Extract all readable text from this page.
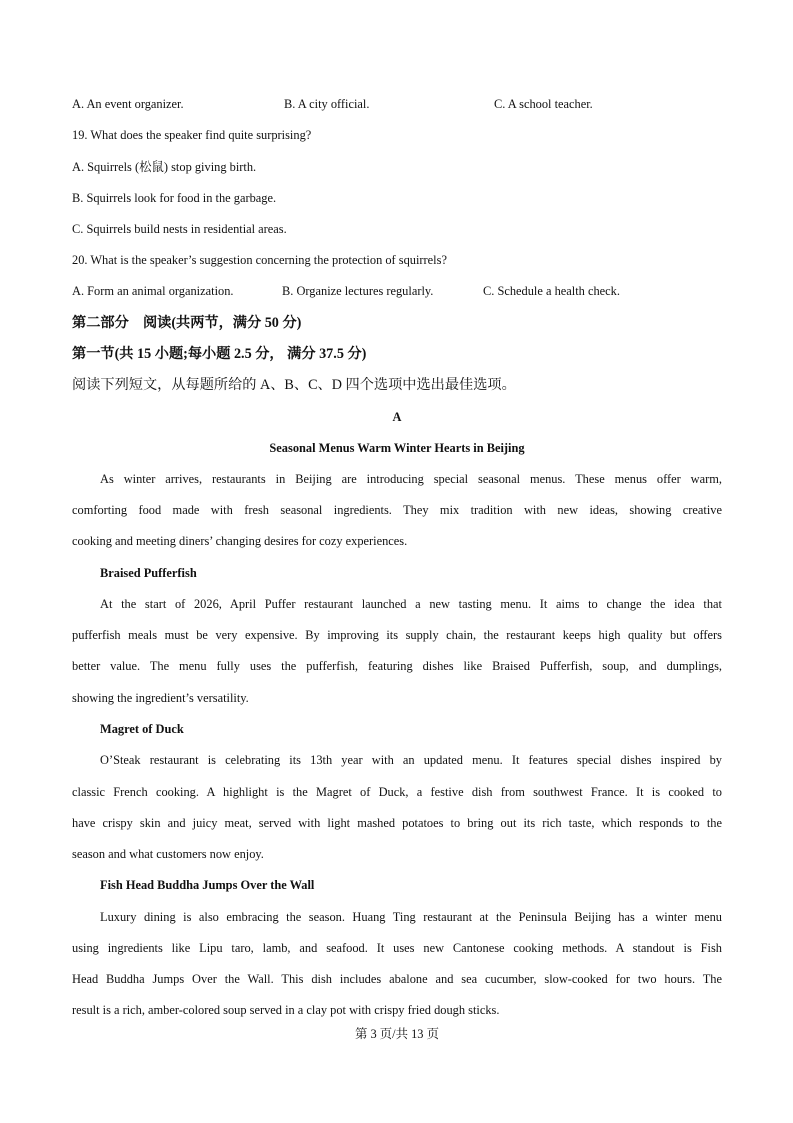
A. An event organizer.	B. A city official.	C. A school teacher.
19. What does the speaker find quite surprising?
A. Squirrels (松鼠) stop giving birth.
B. Squirrels look for food in the garbage.
C. Squirrels build nests in residential areas.
20. What is the speaker’s suggestion concerning the protection of squirrels?
A. Form an animal organization.	B. Organize lectures regularly.	C. Schedule a health check.
第二部分　阅读(共两节，满分 50 分)
第一节(共 15 小题;每小题 2.5 分， 满分 37.5 分)
阅读下列短文，从每题所给的 A、B、C、D 四个选项中选出最佳选项。
A
Seasonal Menus Warm Winter Hearts in Beijing
As winter arrives, restaurants in Beijing are introducing special seasonal menus. These menus offer warm,
comforting food made with fresh seasonal ingredients. They mix tradition with new ideas, showing creative
cooking and meeting diners’ changing desires for cozy experiences.
Braised Pufferfish
At the start of 2026, April Puffer restaurant launched a new tasting menu. It aims to change the idea that
pufferfish meals must be very expensive. By improving its supply chain, the restaurant keeps high quality but offers
better value. The menu fully uses the pufferfish, featuring dishes like Braised Pufferfish, soup, and dumplings,
showing the ingredient’s versatility.
Magret of Duck
O’Steak restaurant is celebrating its 13th year with an updated menu. It features special dishes inspired by
classic French cooking. A highlight is the Magret of Duck, a festive dish from southwest France. It is cooked to
have crispy skin and juicy meat, served with light mashed potatoes to bring out its rich taste, which responds to the
season and what customers now enjoy.
Fish Head Buddha Jumps Over the Wall
Luxury dining is also embracing the season. Huang Ting restaurant at the Peninsula Beijing has a winter menu
using ingredients like Lipu taro, lamb, and seafood. It uses new Cantonese cooking methods. A standout is Fish
Head Buddha Jumps Over the Wall. This dish includes abalone and sea cucumber, slow-cooked for two hours. The
result is a rich, amber-colored soup served in a clay pot with crispy fried dough sticks.
第 3 页/共 13 页
